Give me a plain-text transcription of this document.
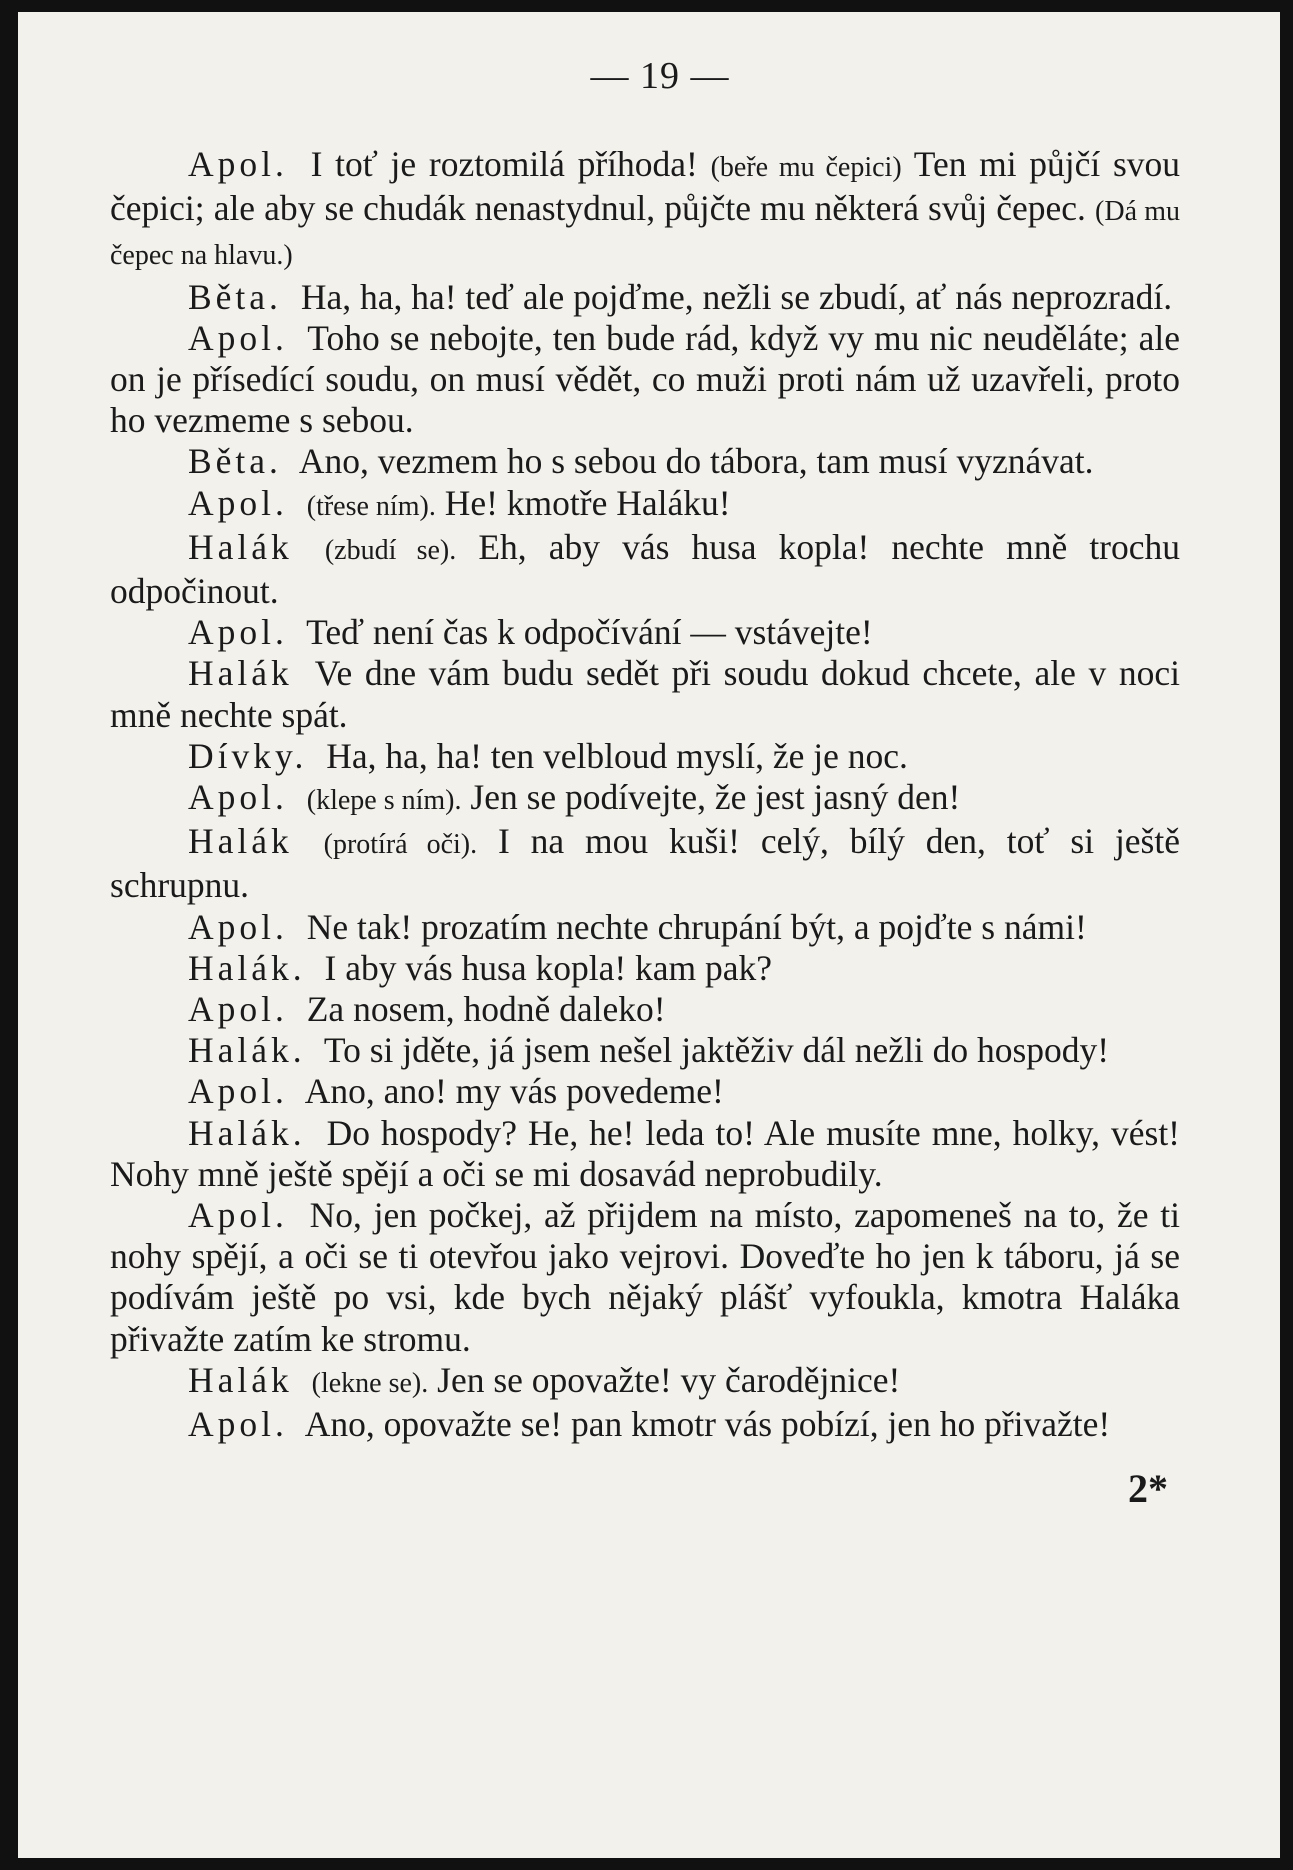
— 19 —

Apol. I toť je roztomilá příhoda! (beře mu čepici) Ten mi půjčí svou čepici; ale aby se chudák nenastydnul, půjčte mu některá svůj čepec. (Dá mu čepec na hlavu.)

Běta. Ha, ha, ha! teď ale pojďme, nežli se zbudí, ať nás neprozradí.

Apol. Toho se nebojte, ten bude rád, když vy mu nic neuděláte; ale on je přísedící soudu, on musí vědět, co muži proti nám už uzavřeli, proto ho vezmeme s sebou.

Běta. Ano, vezmem ho s sebou do tábora, tam musí vyznávat.

Apol. (třese ním). He! kmotře Haláku!

Halák (zbudí se). Eh, aby vás husa kopla! nechte mně trochu odpočinout.

Apol. Teď není čas k odpočívání — vstávejte!

Halák Ve dne vám budu sedět při soudu dokud chcete, ale v noci mně nechte spát.

Dívky. Ha, ha, ha! ten velbloud myslí, že je noc.

Apol. (klepe s ním). Jen se podívejte, že jest jasný den!

Halák (protírá oči). I na mou kuši! celý, bílý den, toť si ještě schrupnu.

Apol. Ne tak! prozatím nechte chrupání být, a pojďte s námi!

Halák. I aby vás husa kopla! kam pak?

Apol. Za nosem, hodně daleko!

Halák. To si jděte, já jsem nešel jaktěživ dál nežli do hospody!

Apol. Ano, ano! my vás povedeme!

Halák. Do hospody? He, he! leda to! Ale musíte mne, holky, vést! Nohy mně ještě spějí a oči se mi dosavád neprobudily.

Apol. No, jen počkej, až přijdem na místo, zapomeneš na to, že ti nohy spějí, a oči se ti otevřou jako vejrovi. Doveďte ho jen k táboru, já se podívám ještě po vsi, kde bych nějaký plášť vyfoukla, kmotra Haláka přivažte zatím ke stromu.

Halák (lekne se). Jen se opovažte! vy čarodějnice!

Apol. Ano, opovažte se! pan kmotr vás pobízí, jen ho přivažte!

2*
